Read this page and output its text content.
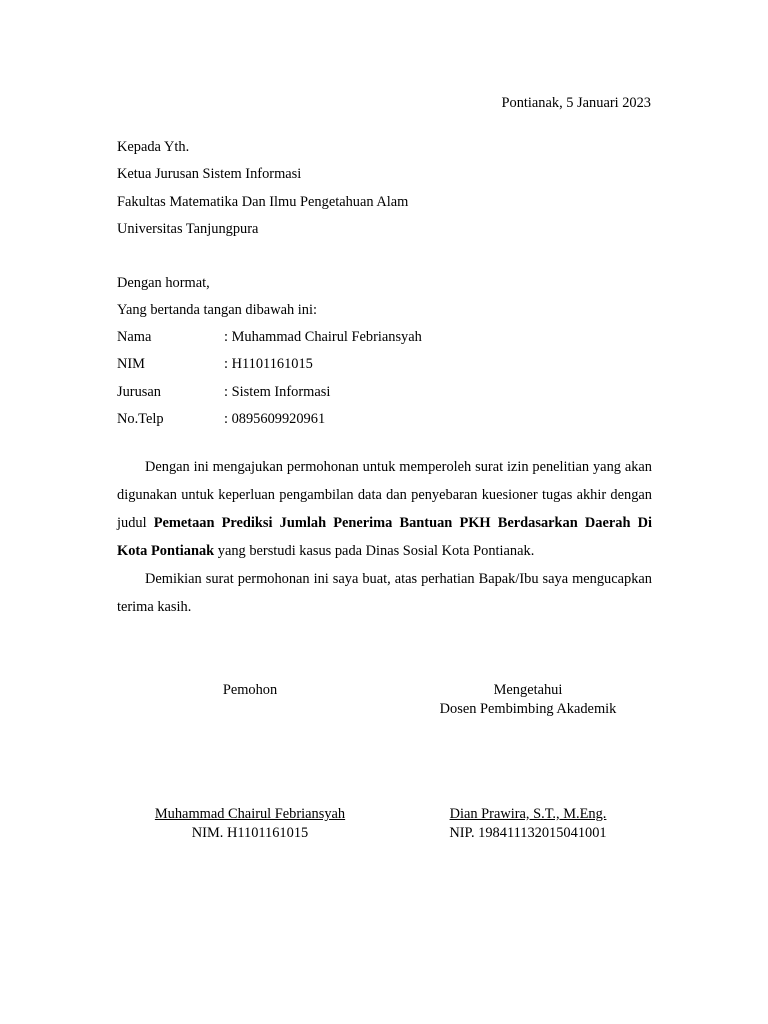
Pontianak, 5 Januari 2023
Kepada Yth.
Ketua Jurusan Sistem Informasi
Fakultas Matematika Dan Ilmu Pengetahuan Alam
Universitas Tanjungpura
Dengan hormat,
Yang bertanda tangan dibawah ini:
Nama	: Muhammad Chairul Febriansyah
NIM	: H1101161015
Jurusan	: Sistem Informasi
No.Telp	: 0895609920961

Dengan ini mengajukan permohonan untuk memperoleh surat izin penelitian yang akan digunakan untuk keperluan pengambilan data dan penyebaran kuesioner tugas akhir dengan judul Pemetaan Prediksi Jumlah Penerima Bantuan PKH Berdasarkan Daerah Di Kota Pontianak yang berstudi kasus pada Dinas Sosial Kota Pontianak.

Demikian surat permohonan ini saya buat, atas perhatian Bapak/Ibu saya mengucapkan terima kasih.

Pemohon	Mengetahui
Dosen Pembimbing Akademik
Muhammad Chairul Febriansyah
NIM. H1101161015
Dian Prawira, S.T., M.Eng.
NIP. 198411132015041001
